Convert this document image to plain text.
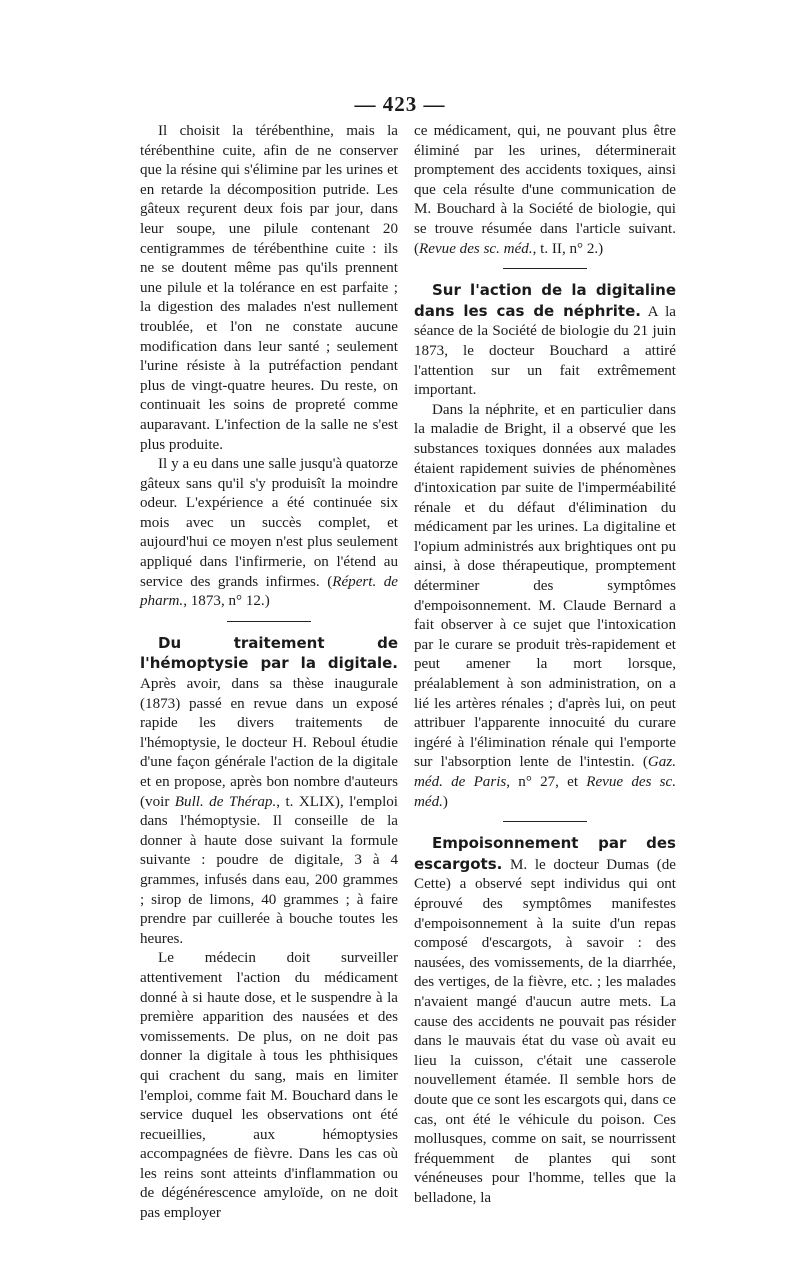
— 423 —

Il choisit la térébenthine, mais la térébenthine cuite, afin de ne conserver que la résine qui s'élimine par les urines et en retarde la décomposition putride. Les gâteux reçurent deux fois par jour, dans leur soupe, une pilule contenant 20 centigrammes de térébenthine cuite : ils ne se doutent même pas qu'ils prennent une pilule et la tolérance en est parfaite ; la digestion des malades n'est nullement troublée, et l'on ne constate aucune modification dans leur santé ; seulement l'urine résiste à la putréfaction pendant plus de vingt-quatre heures. Du reste, on continuait les soins de propreté comme auparavant. L'infection de la salle ne s'est plus produite.

Il y a eu dans une salle jusqu'à quatorze gâteux sans qu'il s'y produisît la moindre odeur. L'expérience a été continuée six mois avec un succès complet, et aujourd'hui ce moyen n'est plus seulement appliqué dans l'infirmerie, on l'étend au service des grands infirmes. (Répert. de pharm., 1873, n° 12.)

Du traitement de l'hémoptysie par la digitale. Après avoir, dans sa thèse inaugurale (1873) passé en revue dans un exposé rapide les divers traitements de l'hémoptysie, le docteur H. Reboul étudie d'une façon générale l'action de la digitale et en propose, après bon nombre d'auteurs (voir Bull. de Thérap., t. XLIX), l'emploi dans l'hémoptysie. Il conseille de la donner à haute dose suivant la formule suivante : poudre de digitale, 3 à 4 grammes, infusés dans eau, 200 grammes ; sirop de limons, 40 grammes ; à faire prendre par cuillerée à bouche toutes les heures.

Le médecin doit surveiller attentivement l'action du médicament donné à si haute dose, et le suspendre à la première apparition des nausées et des vomissements. De plus, on ne doit pas donner la digitale à tous les phthisiques qui crachent du sang, mais en limiter l'emploi, comme fait M. Bouchard dans le service duquel les observations ont été recueillies, aux hémoptysies accompagnées de fièvre. Dans les cas où les reins sont atteints d'inflammation ou de dégénérescence amyloïde, on ne doit pas employer

ce médicament, qui, ne pouvant plus être éliminé par les urines, déterminerait promptement des accidents toxiques, ainsi que cela résulte d'une communication de M. Bouchard à la Société de biologie, qui se trouve résumée dans l'article suivant. (Revue des sc. méd., t. II, n° 2.)

Sur l'action de la digitaline dans les cas de néphrite. A la séance de la Société de biologie du 21 juin 1873, le docteur Bouchard a attiré l'attention sur un fait extrêmement important.

Dans la néphrite, et en particulier dans la maladie de Bright, il a observé que les substances toxiques données aux malades étaient rapidement suivies de phénomènes d'intoxication par suite de l'imperméabilité rénale et du défaut d'élimination du médicament par les urines. La digitaline et l'opium administrés aux brightiques ont pu ainsi, à dose thérapeutique, promptement déterminer des symptômes d'empoisonnement. M. Claude Bernard a fait observer à ce sujet que l'intoxication par le curare se produit très-rapidement et peut amener la mort lorsque, préalablement à son administration, on a lié les artères rénales ; d'après lui, on peut attribuer l'apparente innocuité du curare ingéré à l'élimination rénale qui l'emporte sur l'absorption lente de l'intestin. (Gaz. méd. de Paris, n° 27, et Revue des sc. méd.)

Empoisonnement par des escargots. M. le docteur Dumas (de Cette) a observé sept individus qui ont éprouvé des symptômes manifestes d'empoisonnement à la suite d'un repas composé d'escargots, à savoir : des nausées, des vomissements, de la diarrhée, des vertiges, de la fièvre, etc. ; les malades n'avaient mangé d'aucun autre mets. La cause des accidents ne pouvait pas résider dans le mauvais état du vase où avait eu lieu la cuisson, c'était une casserole nouvellement étamée. Il semble hors de doute que ce sont les escargots qui, dans ce cas, ont été le véhicule du poison. Ces mollusques, comme on sait, se nourrissent fréquemment de plantes qui sont vénéneuses pour l'homme, telles que la belladone, la
